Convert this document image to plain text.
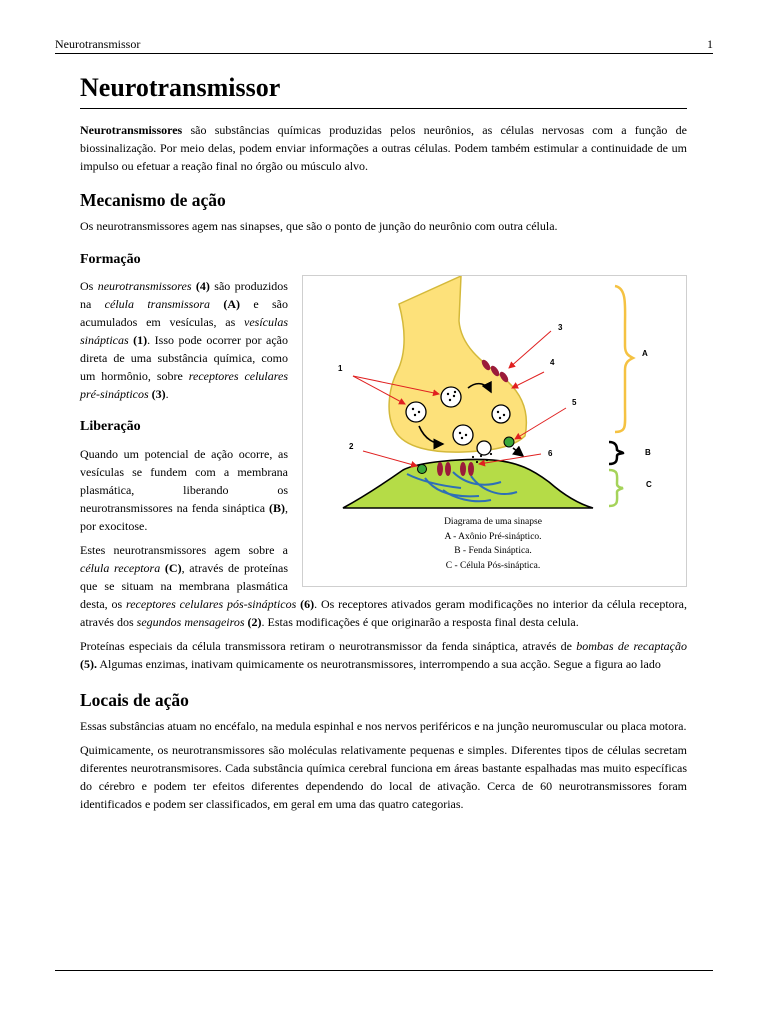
Neurotransmissor	1
Neurotransmissor

Neurotransmissores são substâncias químicas produzidas pelos neurônios, as células nervosas com a função de biossinalização. Por meio delas, podem enviar informações a outras células. Podem também estimular a continuidade de um impulso ou efetuar a reação final no órgão ou músculo alvo.

Mecanismo de ação

Os neurotransmissores agem nas sinapses, que são o ponto de junção do neurônio com outra célula.

Formação
1
2
3
4
5
6
A
B
C
Diagrama de uma sinapse
A - Axônio Pré-sináptico.
B - Fenda Sináptica.
C - Célula Pós-sináptica.

Os neurotransmissores (4) são produzidos na célula transmissora (A) e são acumulados em vesículas, as vesículas sinápticas (1). Isso pode ocorrer por ação direta de uma substância química, como um hormônio, sobre receptores celulares pré-sinápticos (3).

Liberação

Quando um potencial de ação ocorre, as vesículas se fundem com a membrana plasmática, liberando os neurotransmissores na fenda sináptica (B), por exocitose.

Estes neurotransmissores agem sobre a célula receptora (C), através de proteínas que se situam na membrana plasmática desta, os receptores celulares pós-sinápticos (6). Os receptores ativados geram modificações no interior da célula receptora, através dos segundos mensageiros (2). Estas modificações é que originarão a resposta final desta celula.

Proteínas especiais da célula transmissora retiram o neurotransmissor da fenda sináptica, através de bombas de recaptação (5). Algumas enzimas, inativam quimicamente os neurotransmissores, interrompendo a sua acção. Segue a figura ao lado

Locais de ação

Essas substâncias atuam no encéfalo, na medula espinhal e nos nervos periféricos e na junção neuromuscular ou placa motora.

Quimicamente, os neurotransmissores são moléculas relativamente pequenas e simples. Diferentes tipos de células secretam diferentes neurotransmisores. Cada substância química cerebral funciona em áreas bastante espalhadas mas muito específicas do cérebro e podem ter efeitos diferentes dependendo do local de ativação. Cerca de 60 neurotransmissores foram identificados e podem ser classificados, em geral em uma das quatro categorias.
